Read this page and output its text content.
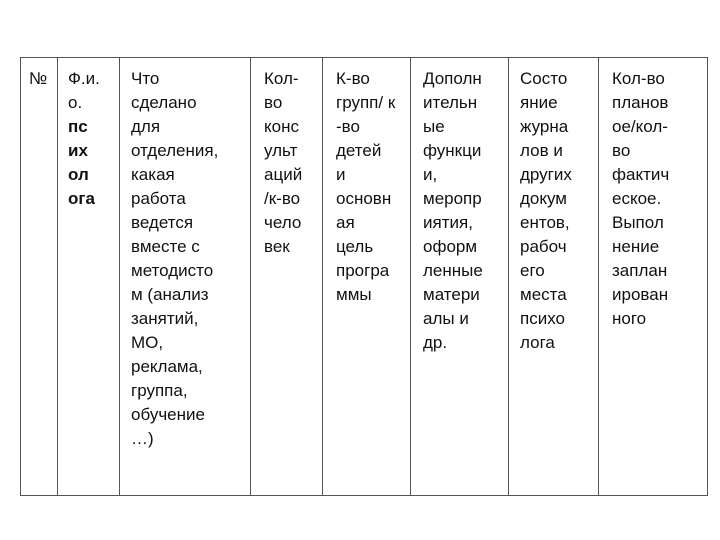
№	Ф.и.
о.
пс
их
ол
ога

Что
сделано
для
отделения,
какая
работа
ведется
вместе с
методисто
м (анализ
занятий,
МО,
реклама,
группа,
обучение
…)

Кол-
во
конс
ульт
аций
/к-во
чело
век

К-во
групп/ к
-во
детей
и
основн
ая
цель
програ
ммы

Дополн
ительн
ые
функци
и,
меропр
иятия,
оформ
ленные
матери
алы и
др.

Состо
яние
журна
лов и
других
докум
ентов,
рабоч
его
места
психо
лога

Кол-во
планов
ое/кол-
во
фактич
еское.
Выпол
нение
заплан
ирован
ного
